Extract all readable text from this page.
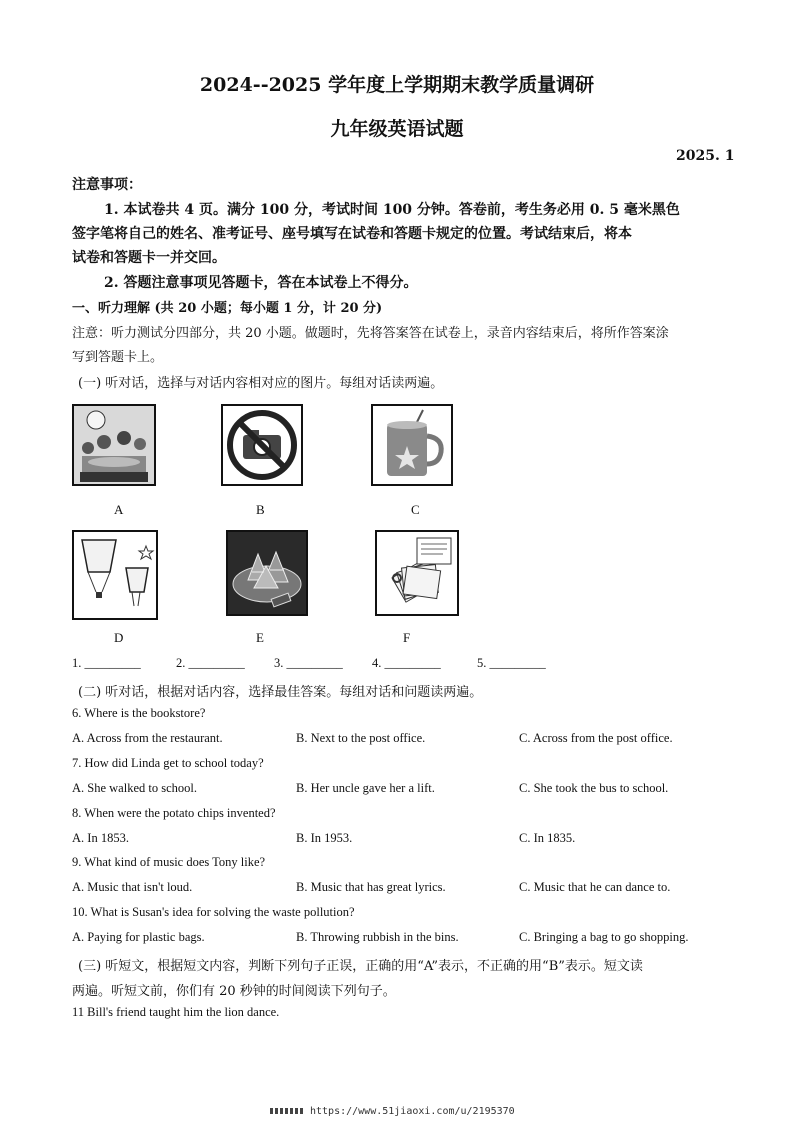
2024--2025 学年度上学期期末教学质量调研
九年级英语试题
2025. 1
注意事项：
1. 本试卷共 4 页。满分 100 分，考试时间 100 分钟。答卷前，考生务必用 0. 5 毫米黑色
签字笔将自己的姓名、准考证号、座号填写在试卷和答题卡规定的位置。考试结束后，将本
试卷和答题卡一并交回。
2. 答题注意事项见答题卡，答在本试卷上不得分。
一、听力理解 (共 20 小题；每小题 1 分，计 20 分)
注意：听力测试分四部分，共 20 小题。做题时，先将答案答在试卷上，录音内容结束后，将所作答案涂
写到答题卡上。
(一) 听对话，选择与对话内容相对应的图片。每组对话读两遍。
A	B	C
D	E	F
1. _________	2. _________ 3. _________ 4. _________	5. _________
(二) 听对话，根据对话内容，选择最佳答案。每组对话和问题读两遍。
6. Where is the bookstore?
A. Across from the restaurant.	B. Next to the post office.	C. Across from the post office.
7. How did Linda get to school today?
A. She walked to school.	B. Her uncle gave her a lift.	C. She took the bus to school.
8. When were the potato chips invented?
A. In 1853.	B. In 1953.	C. In 1835.
9. What kind of music does Tony like?
A. Music that isn't loud.	B. Music that has great lyrics.	C. Music that he can dance to.
10. What is Susan's idea for solving the waste pollution?
A. Paying for plastic bags.	B. Throwing rubbish in the bins.	C. Bringing a bag to go shopping.
(三) 听短文，根据短文内容，判断下列句子正误，正确的用“A”表示，不正确的用“B”表示。短文读
两遍。听短文前，你们有 20 秒钟的时间阅读下列句子。
11 Bill's friend taught him the lion dance.
https://www.51jiaoxi.com/u/2195370
